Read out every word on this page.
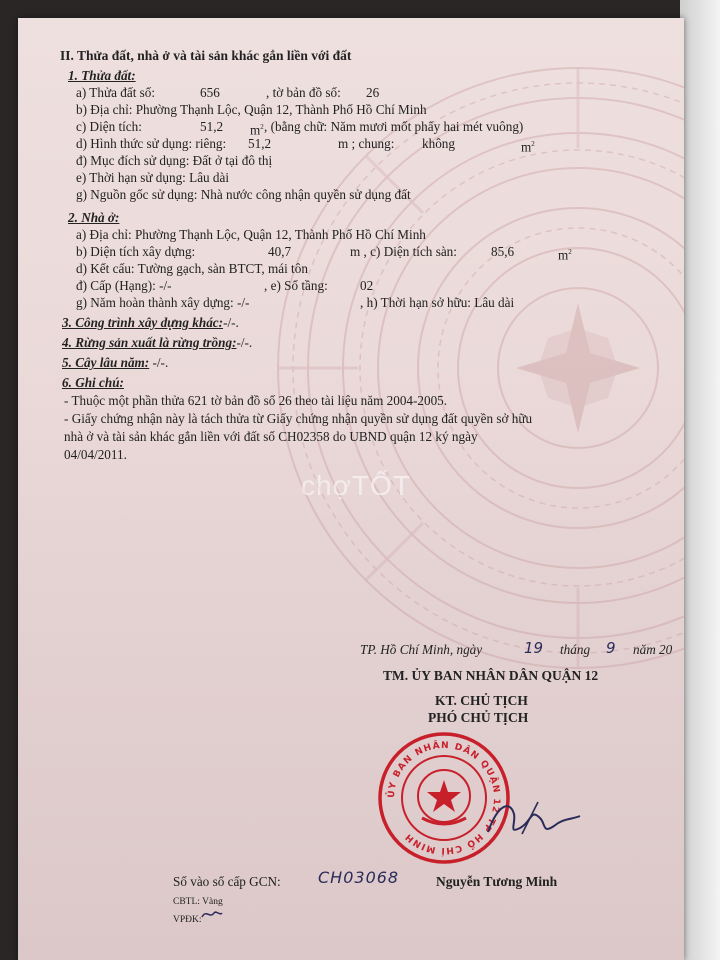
chợTỐT
II. Thửa đất, nhà ở và tài sản khác gắn liền với đất
1. Thửa đất:
a) Thửa đất số:	656	, tờ bản đồ số: 26
b) Địa chỉ: Phường Thạnh Lộc, Quận 12, Thành Phố Hồ Chí Minh
c) Diện tích:	51,2 $m^2$ , (bằng chữ: Năm mươi mốt phẩy hai mét vuông)
d) Hình thức sử dụng: riêng: 51,2	m ; chung: không	$m^2$
đ) Mục đích sử dụng: Đất ở tại đô thị
e) Thời hạn sử dụng: Lâu dài
g) Nguồn gốc sử dụng: Nhà nước công nhận quyền sử dụng đất
2. Nhà ở:
a) Địa chỉ: Phường Thạnh Lộc, Quận 12, Thành Phố Hồ Chí Minh
b) Diện tích xây dựng:	40,7	m , c) Diện tích sàn:	85,6	$m^2$
d) Kết cấu: Tường gạch, sàn BTCT, mái tôn
đ) Cấp (Hạng): -/-	, e) Số tầng: 02
g) Năm hoàn thành xây dựng: -/-	, h) Thời hạn sở hữu: Lâu dài
3. Công trình xây dựng khác:-/-.
4. Rừng sản xuất là rừng trồng:-/-.
5. Cây lâu năm: -/-.
6. Ghi chú:
- Thuộc một phần thửa 621 tờ bản đồ số 26 theo tài liệu năm 2004-2005.
- Giấy chứng nhận này là tách thửa từ Giấy chứng nhận quyền sử dụng đất quyền sở hữu
nhà ở và tài sản khác gắn liền với đất số CH02358 do UBND quận 12 ký ngày
04/04/2011.
TP. Hồ Chí Minh, ngày	19 tháng 9 năm 20
TM. ỦY BAN NHÂN DÂN QUẬN 12
KT. CHỦ TỊCH
PHÓ CHỦ TỊCH
ỦY BAN NHÂN DÂN QUẬN 12 TP HỒ CHÍ MINH
Nguyễn Tương Minh
Số vào sổ cấp GCN: CH03068
CBTL: Vàng
VPĐK:
